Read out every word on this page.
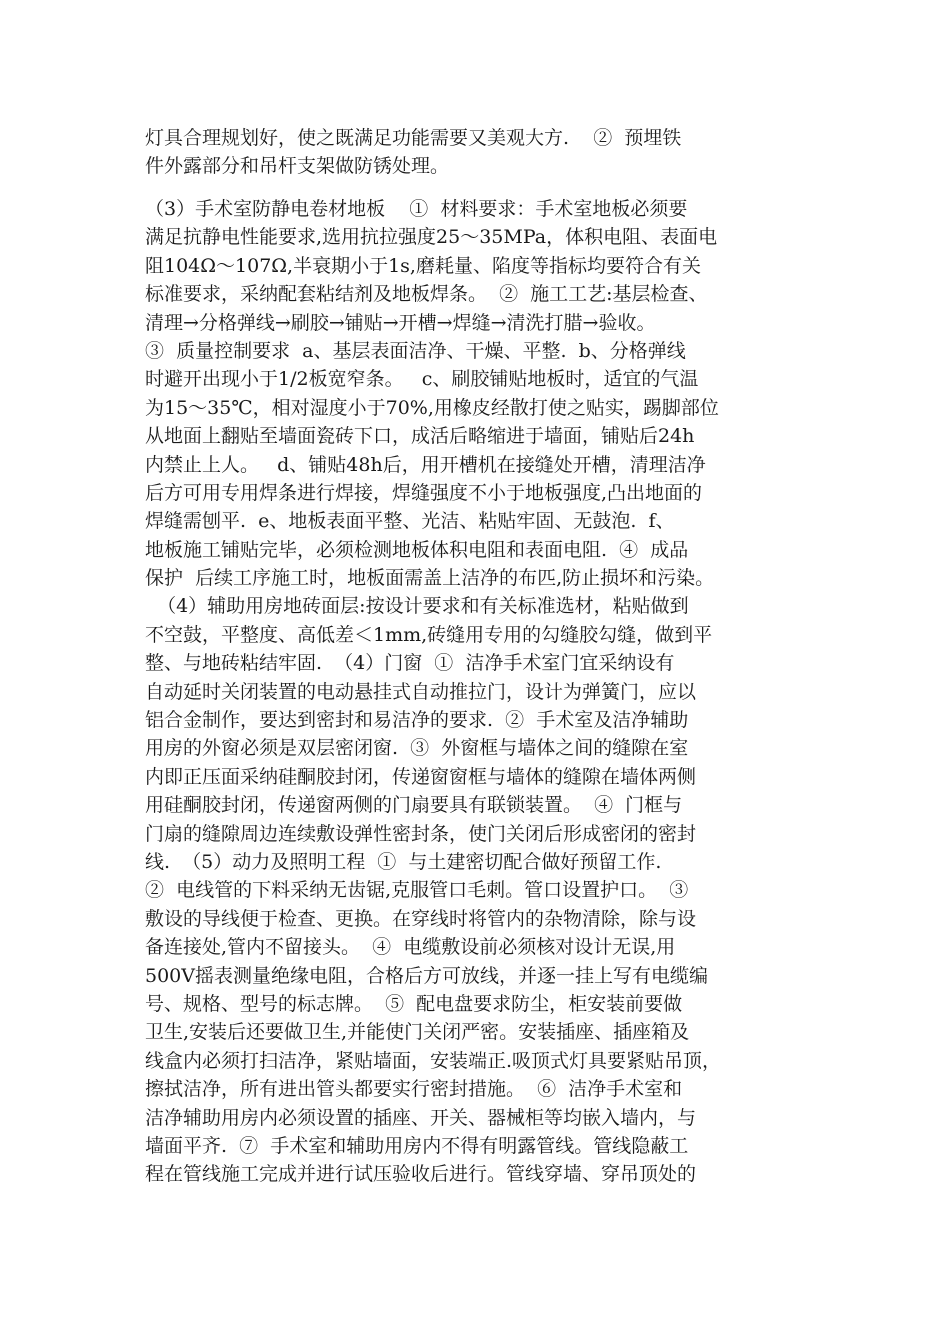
灯具合理规划好，使之既满足功能需要又美观大方.    ②  预埋铁
件外露部分和吊杆支架做防锈处理。
（3）手术室防静电卷材地板    ①  材料要求：手术室地板必须要
满足抗静电性能要求,选用抗拉强度25～35MPa，体积电阻、表面电
阻104Ω～107Ω,半衰期小于1s,磨耗量、陷度等指标均要符合有关
标准要求，采纳配套粘结剂及地板焊条。  ②  施工工艺:基层检查、
清理→分格弹线→刷胶→铺贴→开槽→焊缝→清洗打腊→验收。
③  质量控制要求  a、基层表面洁净、干燥、平整.  b、分格弹线
时避开出现小于1/2板宽窄条。   c、刷胶铺贴地板时，适宜的气温
为15～35℃，相对湿度小于70%,用橡皮经散打使之贴实，踢脚部位
从地面上翻贴至墙面瓷砖下口，成活后略缩进于墙面，铺贴后24h
内禁止上人。   d、铺贴48h后，用开槽机在接缝处开槽，清理洁净
后方可用专用焊条进行焊接，焊缝强度不小于地板强度,凸出地面的
焊缝需刨平.  e、地板表面平整、光洁、粘贴牢固、无鼓泡.  f、
地板施工铺贴完毕，必须检测地板体积电阻和表面电阻.  ④  成品
保护  后续工序施工时，地板面需盖上洁净的布匹,防止损坏和污染。
（4）辅助用房地砖面层:按设计要求和有关标准选材，粘贴做到
不空鼓，平整度、高低差＜1mm,砖缝用专用的勾缝胶勾缝，做到平
整、与地砖粘结牢固.  （4）门窗  ①  洁净手术室门宜采纳设有
自动延时关闭装置的电动悬挂式自动推拉门，设计为弹簧门，应以
铝合金制作，要达到密封和易洁净的要求.  ②  手术室及洁净辅助
用房的外窗必须是双层密闭窗.  ③  外窗框与墙体之间的缝隙在室
内即正压面采纳硅酮胶封闭，传递窗窗框与墙体的缝隙在墙体两侧
用硅酮胶封闭，传递窗两侧的门扇要具有联锁装置。  ④  门框与
门扇的缝隙周边连续敷设弹性密封条，使门关闭后形成密闭的密封
线.  （5）动力及照明工程  ①  与土建密切配合做好预留工作.
②  电线管的下料采纳无齿锯,克服管口毛刺。管口设置护口。  ③
敷设的导线便于检查、更换。在穿线时将管内的杂物清除，除与设
备连接处,管内不留接头。  ④  电缆敷设前必须核对设计无误,用
500V摇表测量绝缘电阻，合格后方可放线，并逐一挂上写有电缆编
号、规格、型号的标志牌。  ⑤  配电盘要求防尘，柜安装前要做
卫生,安装后还要做卫生,并能使门关闭严密。安装插座、插座箱及
线盒内必须打扫洁净，紧贴墙面，安装端正.吸顶式灯具要紧贴吊顶，
擦拭洁净，所有进出管头都要实行密封措施。  ⑥  洁净手术室和
洁净辅助用房内必须设置的插座、开关、器械柜等均嵌入墙内，与
墙面平齐.  ⑦  手术室和辅助用房内不得有明露管线。管线隐蔽工
程在管线施工完成并进行试压验收后进行。管线穿墙、穿吊顶处的
